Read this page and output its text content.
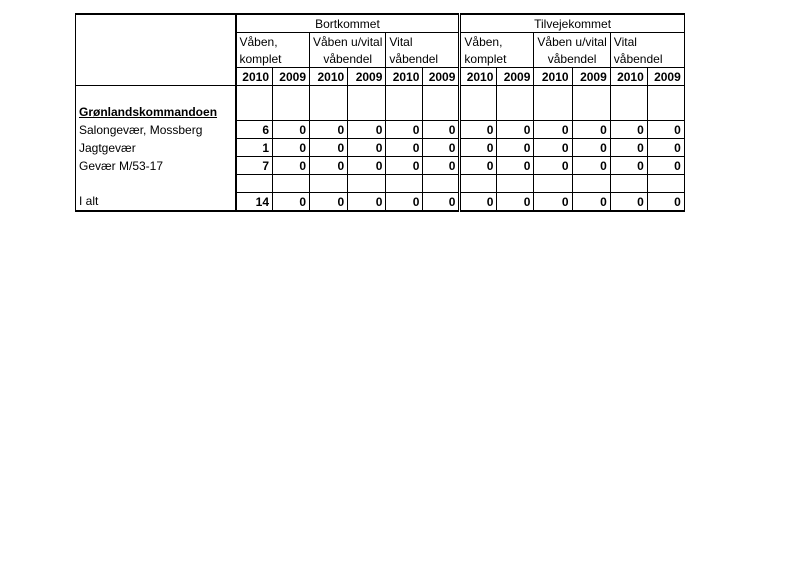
	Bortkommet						Tilvejekommet					
	Våben,		Våben u/vital		Vital		Våben,		Våben u/vital		Vital	
	komplet		våbendel		våbendel		komplet		våbendel		våbendel	
	2010	2009	2010	2009	2010	2009	2010	2009	2010	2009	2010	2009

Grønlandskommandoen												
Salongevær, Mossberg	6	0	0	0	0	0	0	0	0	0	0	0
Jagtgevær	1	0	0	0	0	0	0	0	0	0	0	0
Gevær M/53-17	7	0	0	0	0	0	0	0	0	0	0	0

I alt	14	0	0	0	0	0	0	0	0	0	0	0
